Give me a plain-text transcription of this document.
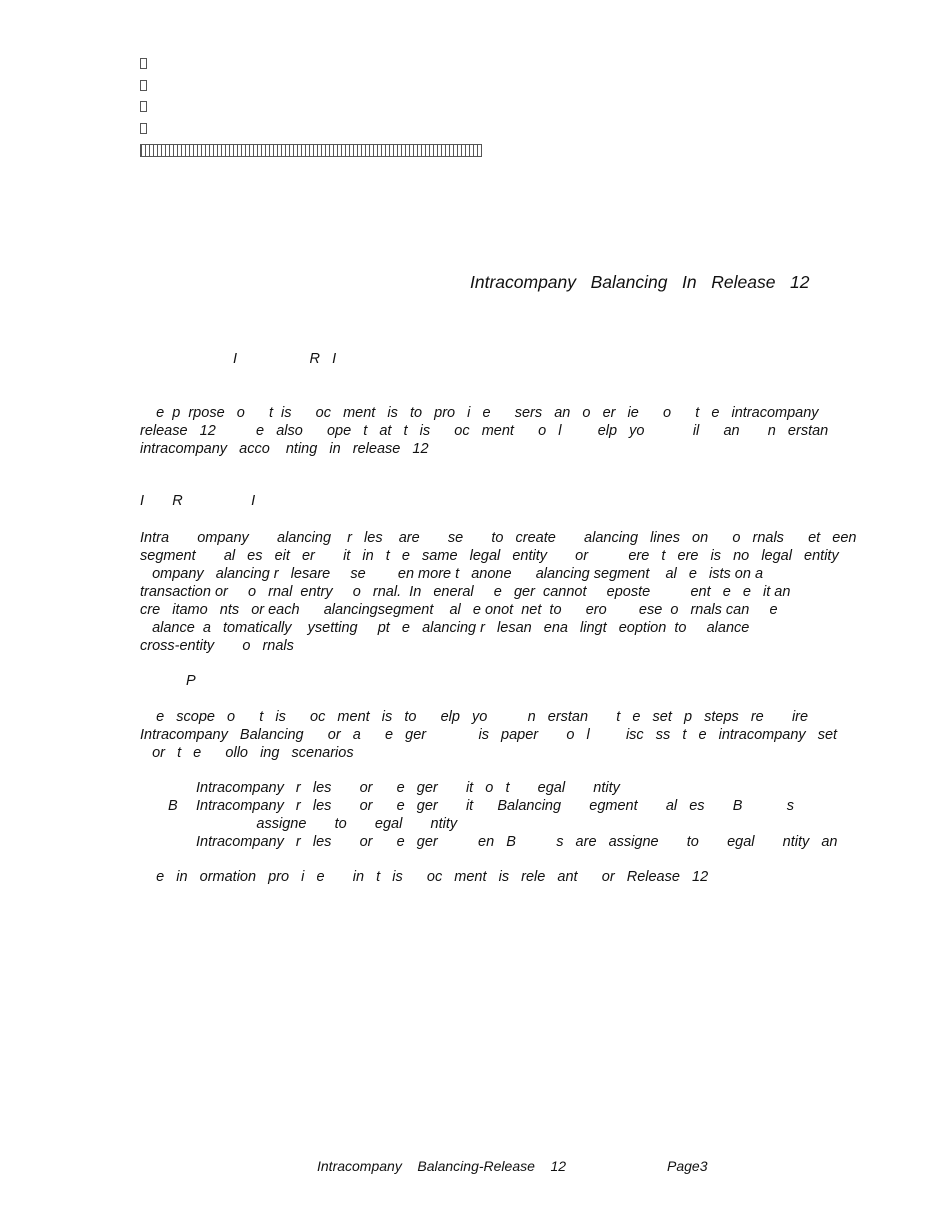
Intracompany   Balancing   In   Release   12
I                  R   I
e  p  rpose   o      t  is      oc   ment   is   to   pro   i   e      sers   an   o   er   ie      o      t   e   intracompany
release   12          e   also      ope   t   at   t   is      oc   ment      o   l         elp   yo            il      an       n   erstan
intracompany   acco    nting   in   release   12
I       R                 I
Intra       ompany       alancing    r   les    are       se       to   create       alancing   lines   on      o   rnals      et   een
segment       al   es   eit   er       it   in   t   e   same   legal   entity       or          ere   t   ere   is   no   legal   entity
ompany   alancing r   lesare     se        en more t   anone      alancing segment    al   e   ists on a
transaction or     o   rnal  entry     o   rnal.  In   eneral     e   ger  cannot     eposte          ent   e   e   it an
cre   itamo   nts   or each      alancingsegment    al   e onot  net  to      ero        ese  o   rnals can     e
alance  a   tomatically    ysetting     pt   e   alancing r   lesan   ena   lingt   eoption  to     alance
cross-entity       o   rnals
P
e   scope   o      t   is      oc   ment   is   to      elp   yo          n   erstan       t   e   set   p   steps   re       ire
Intracompany   Balancing      or   a      e   ger             is   paper       o   l         isc   ss   t   e   intracompany   set
or   t   e      ollo   ing   scenarios
Intracompany   r   les       or      e   ger       it   o   t       egal       ntity
B Intracompany   r   les       or      e   ger       it      Balancing       egment       al   es       B           s
assigne       to       egal       ntity
Intracompany   r   les       or      e   ger          en   B          s   are   assigne       to       egal       ntity   an
e   in   ormation   pro   i   e       in   t   is      oc   ment   is   rele   ant      or   Release   12
Intracompany    Balancing-Release    12	Page3
